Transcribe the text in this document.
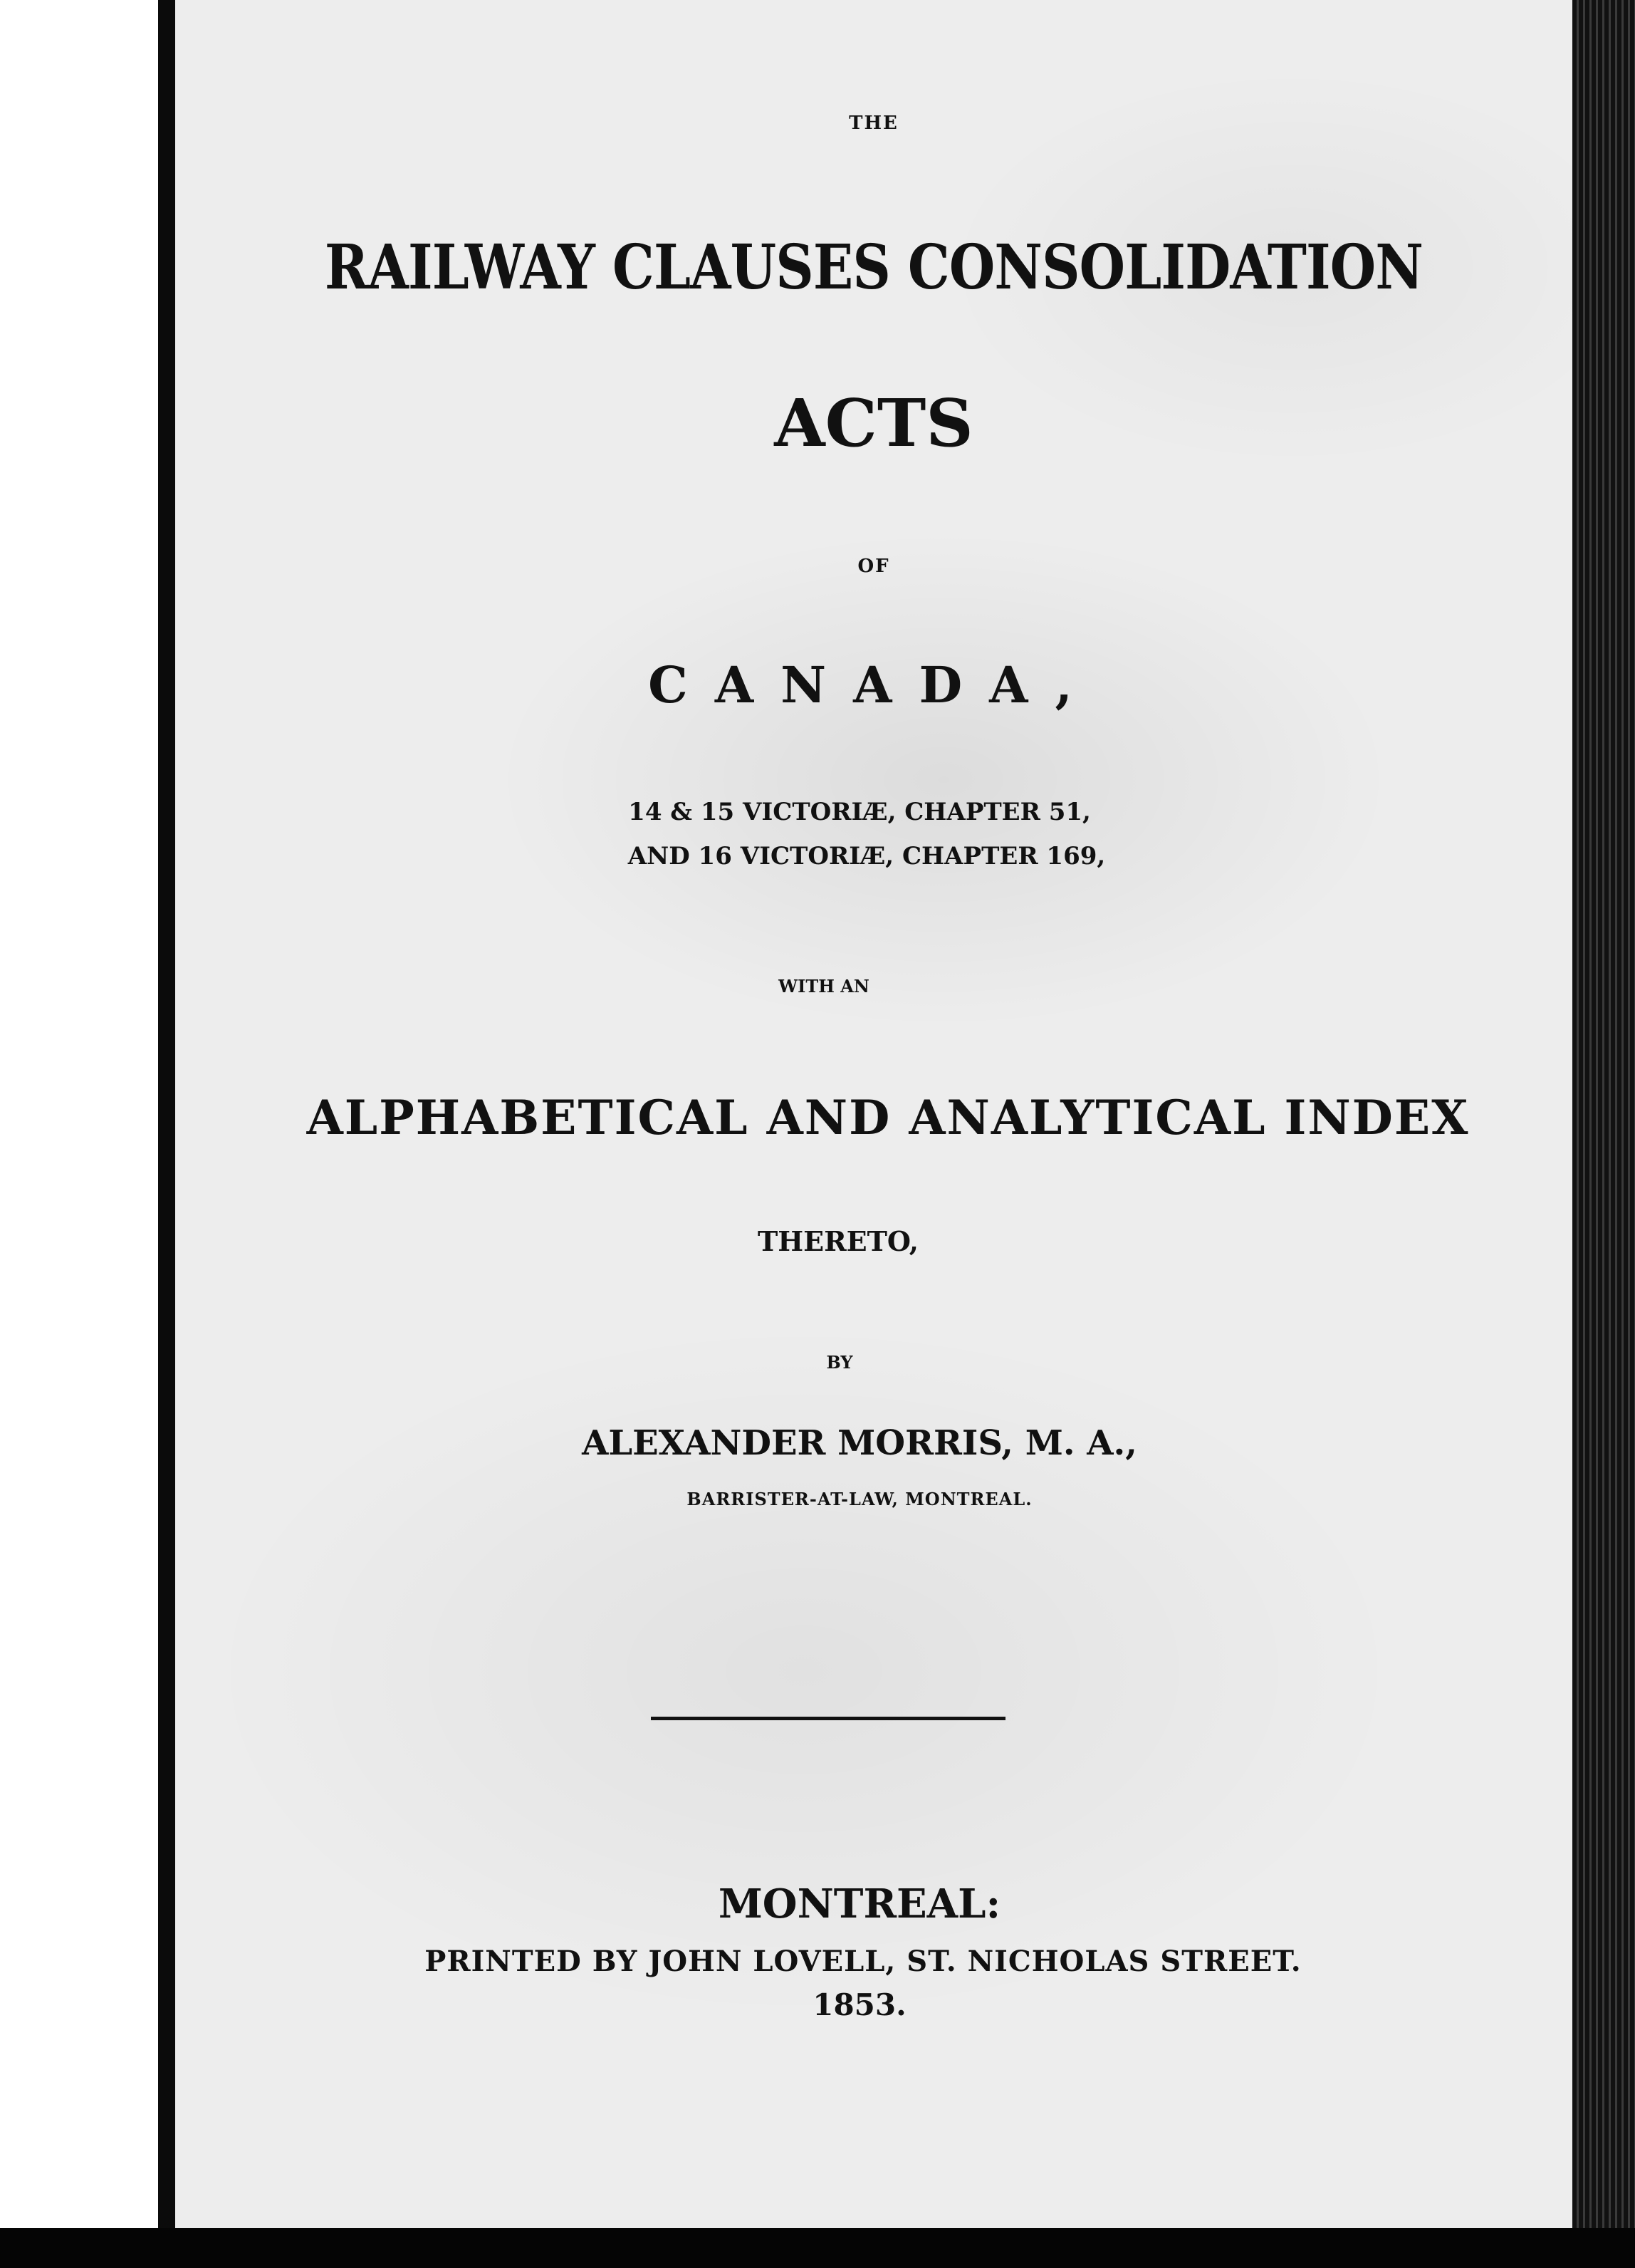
THE

RAILWAY CLAUSES CONSOLIDATION

ACTS

OF

CANADA,

14 & 15 VICTORIÆ, CHAPTER 51,

AND 16 VICTORIÆ, CHAPTER 169,

WITH AN

ALPHABETICAL AND ANALYTICAL INDEX

THERETO,

BY

ALEXANDER MORRIS, M. A.,

BARRISTER-AT-LAW, MONTREAL.

MONTREAL:

PRINTED BY JOHN LOVELL, ST. NICHOLAS STREET.

1853.
